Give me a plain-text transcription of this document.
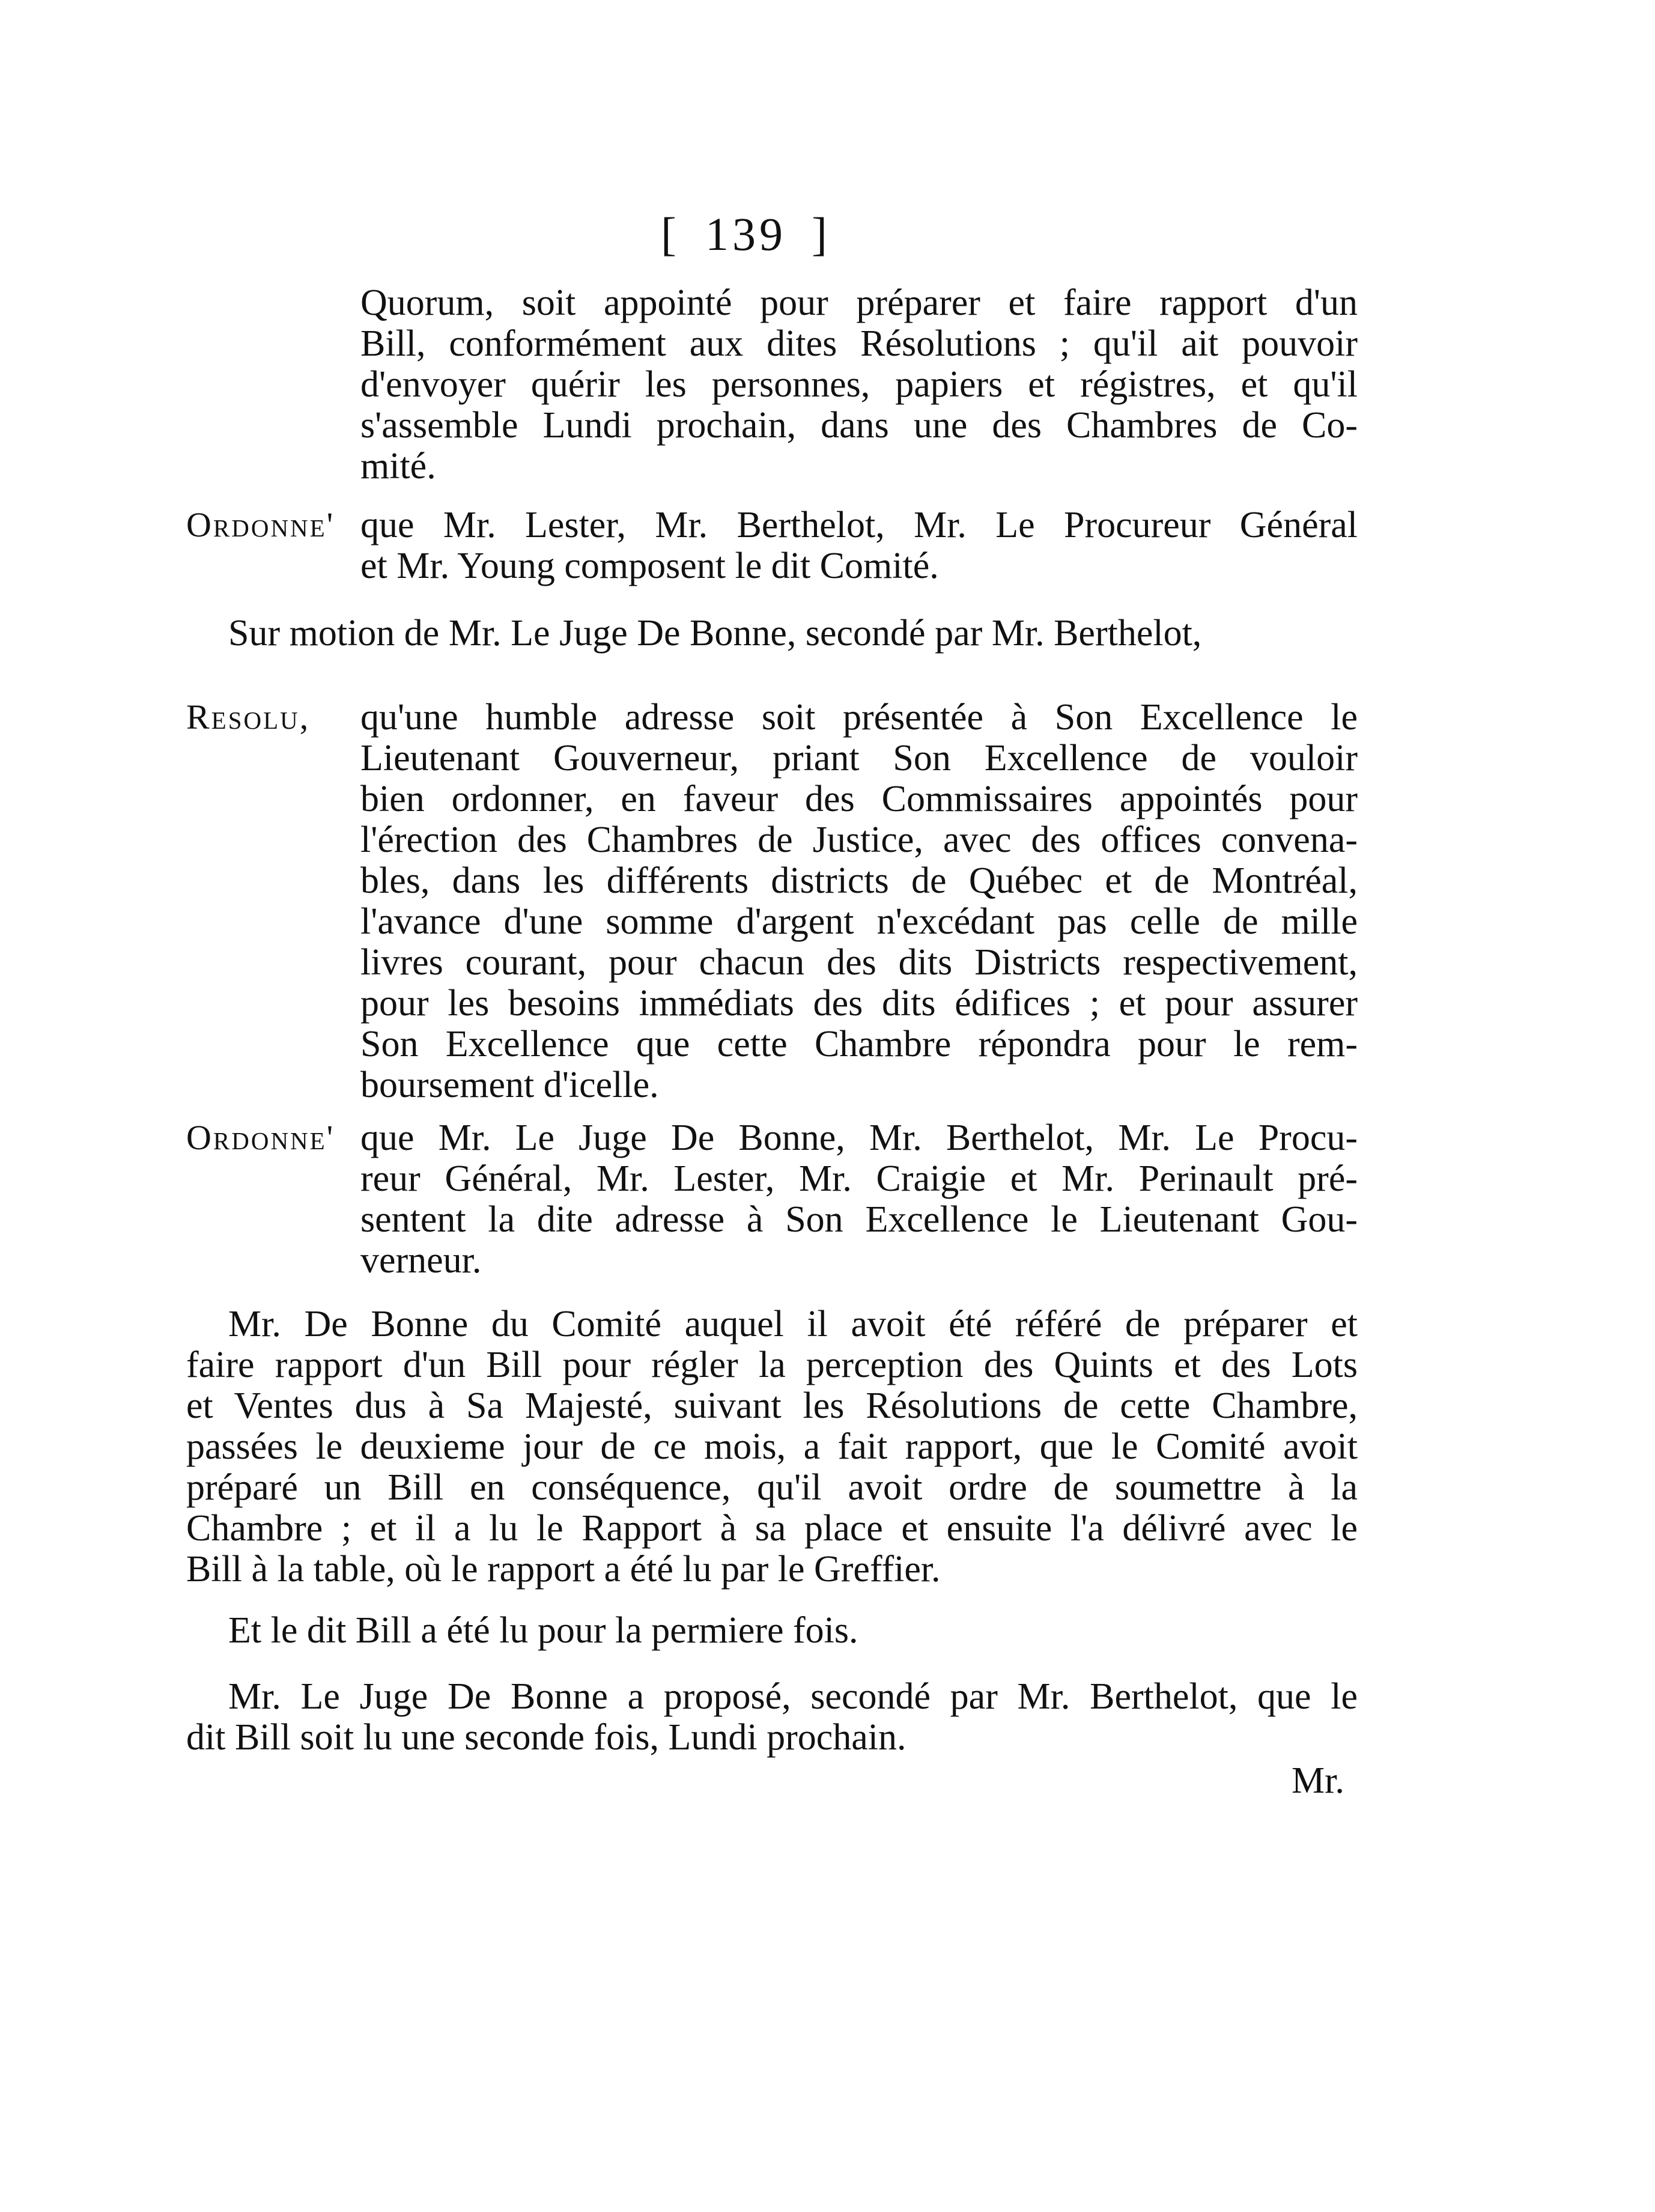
[ 139 ]
Quorum, soit appointé pour préparer et faire rapport d'un
Bill, conformément aux dites Résolutions ; qu'il ait pouvoir
d'envoyer quérir les personnes, papiers et régistres, et qu'il
s'assemble Lundi prochain, dans une des Chambres de Co-
mité.
Ordonne' que Mr. Lester, Mr. Berthelot, Mr. Le Procureur Général
et Mr. Young composent le dit Comité.
Sur motion de Mr. Le Juge De Bonne, secondé par Mr. Berthelot,
Resolu,	qu'une humble adresse soit présentée à Son Excellence le
Lieutenant Gouverneur, priant Son Excellence de vouloir
bien ordonner, en faveur des Commissaires appointés pour
l'érection des Chambres de Justice, avec des offices convena-
bles, dans les différents districts de Québec et de Montréal,
l'avance d'une somme d'argent n'excédant pas celle de mille
livres courant, pour chacun des dits Districts respectivement,
pour les besoins immédiats des dits édifices ; et pour assurer
Son Excellence que cette Chambre répondra pour le rem-
boursement d'icelle.
Ordonne' que Mr. Le Juge De Bonne, Mr. Berthelot, Mr. Le Procu-
reur Général, Mr. Lester, Mr. Craigie et Mr. Perinault pré-
sentent la dite adresse à Son Excellence le Lieutenant Gou-
verneur.
Mr. De Bonne du Comité auquel il avoit été référé de préparer et
faire rapport d'un Bill pour régler la perception des Quints et des Lots
et Ventes dus à Sa Majesté, suivant les Résolutions de cette Chambre,
passées le deuxieme jour de ce mois, a fait rapport, que le Comité avoit
préparé un Bill en conséquence, qu'il avoit ordre de soumettre à la
Chambre ; et il a lu le Rapport à sa place et ensuite l'a délivré avec le
Bill à la table, où le rapport a été lu par le Greffier.
Et le dit Bill a été lu pour la permiere fois.
Mr. Le Juge De Bonne a proposé, secondé par Mr. Berthelot, que le
dit Bill soit lu une seconde fois, Lundi prochain.
Mr.
